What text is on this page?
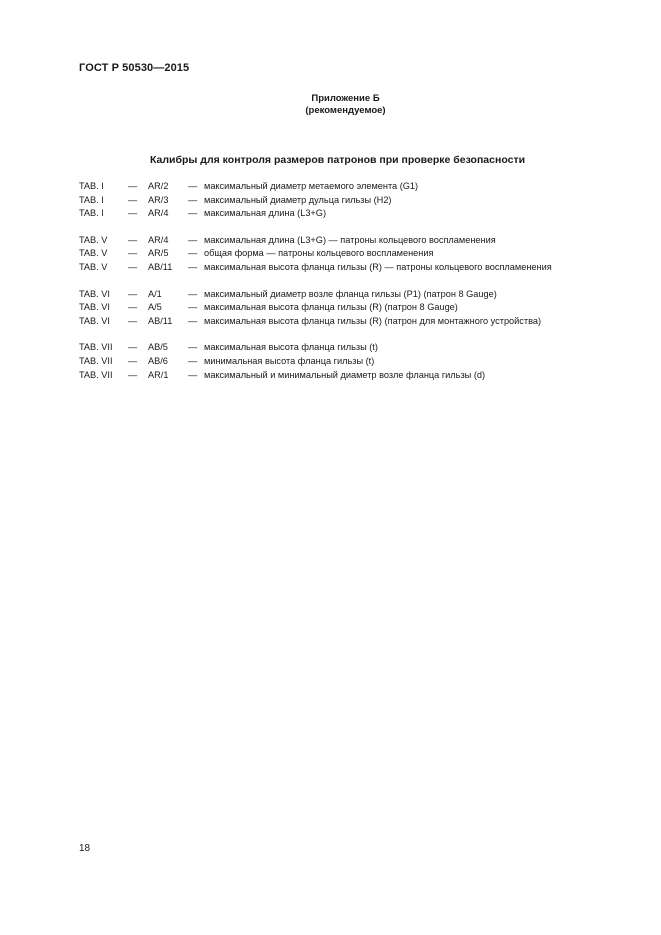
ГОСТ Р 50530—2015
Приложение Б
(рекомендуемое)
Калибры для контроля размеров патронов при проверке безопасности
TAB. I	— AR/2 — максимальный диаметр метаемого элемента (G1)
TAB. I	— AR/3 — максимальный диаметр дульца гильзы (H2)
TAB. I	— AR/4 — максимальная длина (L3+G)
TAB. V — AR/4 — максимальная длина (L3+G) — патроны кольцевого воспламенения
TAB. V — AR/5 — общая форма — патроны кольцевого воспламенения
TAB. V — AB/11 — максимальная высота фланца гильзы (R) — патроны кольцевого воспламенения
TAB. VI — A/1	— максимальный диаметр возле фланца гильзы (P1) (патрон 8 Gauge)
TAB. VI — A/5	— максимальная высота фланца гильзы (R) (патрон 8 Gauge)
TAB. VI — AB/11 — максимальная высота фланца гильзы (R) (патрон для монтажного устройства)
TAB. VII — AB/5 — максимальная высота фланца гильзы (t)
TAB. VII — AB/6 — минимальная высота фланца гильзы (t)
TAB. VII — AR/1 — максимальный и минимальный диаметр возле фланца гильзы (d)
18
